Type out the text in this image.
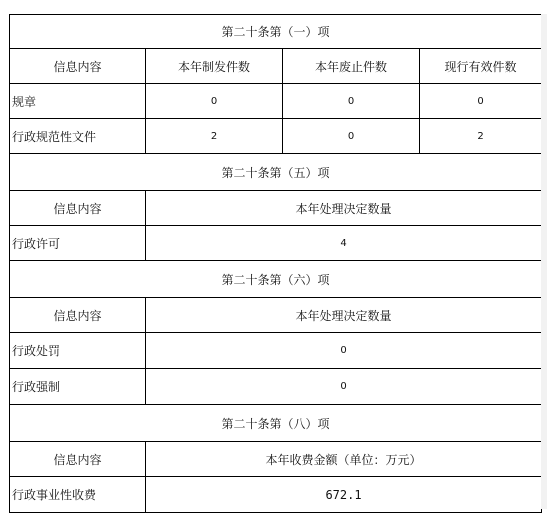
第二十条第（一）项			
信息内容	本年制发件数	本年废止件数	现行有效件数
规章	0	0	0
行政规范性文件	2	0	2
第二十条第（五）项			
信息内容	本年处理决定数量		
行政许可	4		
第二十条第（六）项			
信息内容	本年处理决定数量		
行政处罚	0		
行政强制	0		
第二十条第（八）项			
信息内容	本年收费金额（单位：万元）		
行政事业性收费	672.1		
